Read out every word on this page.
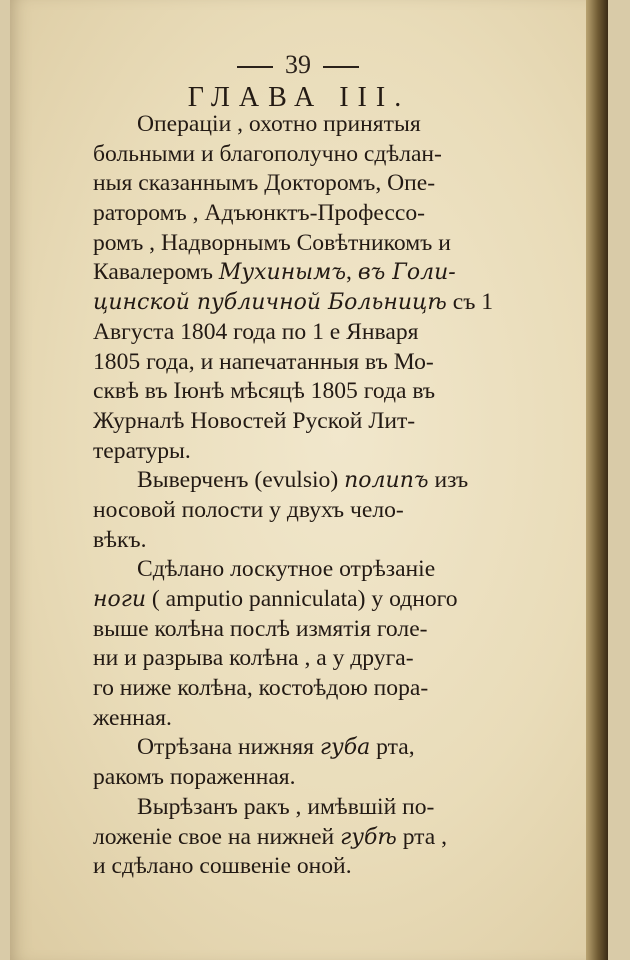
39
ГЛАВА III.
Операціи , охотно принятыя
больными и благополучно сдѣлан-
ныя сказаннымъ Докторомъ, Опе-
раторомъ , Адъюнктъ-Профессо-
ромъ , Надворнымъ Совѣтникомъ и
Кавалеромъ Мухинымъ, въ Голи-
цинской публичной Больницѣ съ 1
Августа 1804 года по 1 е Января
1805 года, и напечатанныя въ Мо-
сквѣ въ Іюнѣ мѣсяцѣ 1805 года въ
Журналѣ Новостей Руской Лит-
тературы.
Выверченъ (evulsio) полипъ изъ
носовой полости у двухъ чело-
вѣкъ.
Сдѣлано лоскутное отрѣзаніе
ноги ( amputio panniculata) у одного
выше колѣна послѣ измятія голе-
ни и разрыва колѣна , а у друга-
го ниже колѣна, костоѣдою пора-
женная.
Отрѣзана нижняя губа рта,
ракомъ пораженная.
Вырѣзанъ ракъ , имѣвшій по-
ложеніе свое на нижней губѣ рта ,
и сдѣлано сошвеніе оной.
